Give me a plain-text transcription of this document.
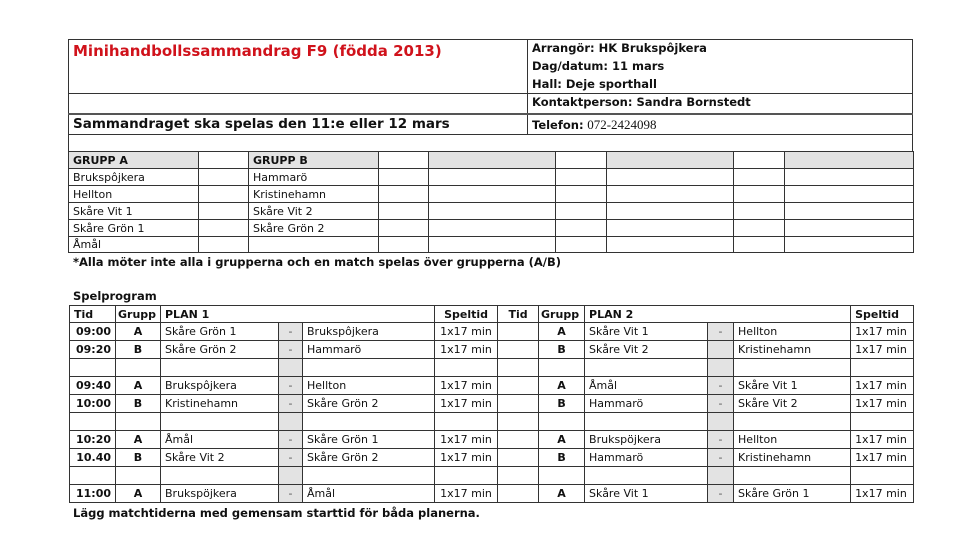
Minihandbollssammandrag F9 (födda 2013)
Sammandraget ska spelas den 11:e eller 12 mars
Arrangör: HK Brukspôjkera
Dag/datum: 11 mars
Hall: Deje sporthall
Kontaktperson: Sandra Bornstedt
Telefon: 072-2424098
GRUPP A		GRUPP B						
Brukspôjkera		Hammarö						
Hellton		Kristinehamn						
Skåre Vit 1		Skåre Vit 2						
Skåre Grön 1		Skåre Grön 2						
Åmål								
*Alla möter inte alla i grupperna och en match spelas över grupperna (A/B)
Spelprogram
Tid	Grupp	PLAN 1			Speltid	Tid	Grupp	PLAN 2			Speltid
09:00	A	Skåre Grön 1	-	Brukspôjkera	1x17 min		A	Skåre Vit 1	-	Hellton	1x17 min
09:20	B	Skåre Grön 2	-	Hammarö	1x17 min		B	Skåre Vit 2		Kristinehamn	1x17 min

09:40	A	Brukspôjkera	-	Hellton	1x17 min		A	Åmål	-	Skåre Vit 1	1x17 min
10:00	B	Kristinehamn	-	Skåre Grön 2	1x17 min		B	Hammarö	-	Skåre Vit 2	1x17 min

10:20	A	Åmål	-	Skåre Grön 1	1x17 min		A	Brukspöjkera	-	Hellton	1x17 min
10.40	B	Skåre Vit 2	-	Skåre Grön 2	1x17 min		B	Hammarö	-	Kristinehamn	1x17 min

11:00	A	Brukspöjkera	-	Åmål	1x17 min		A	Skåre Vit 1	-	Skåre Grön 1	1x17 min
Lägg matchtiderna med gemensam starttid för båda planerna.
